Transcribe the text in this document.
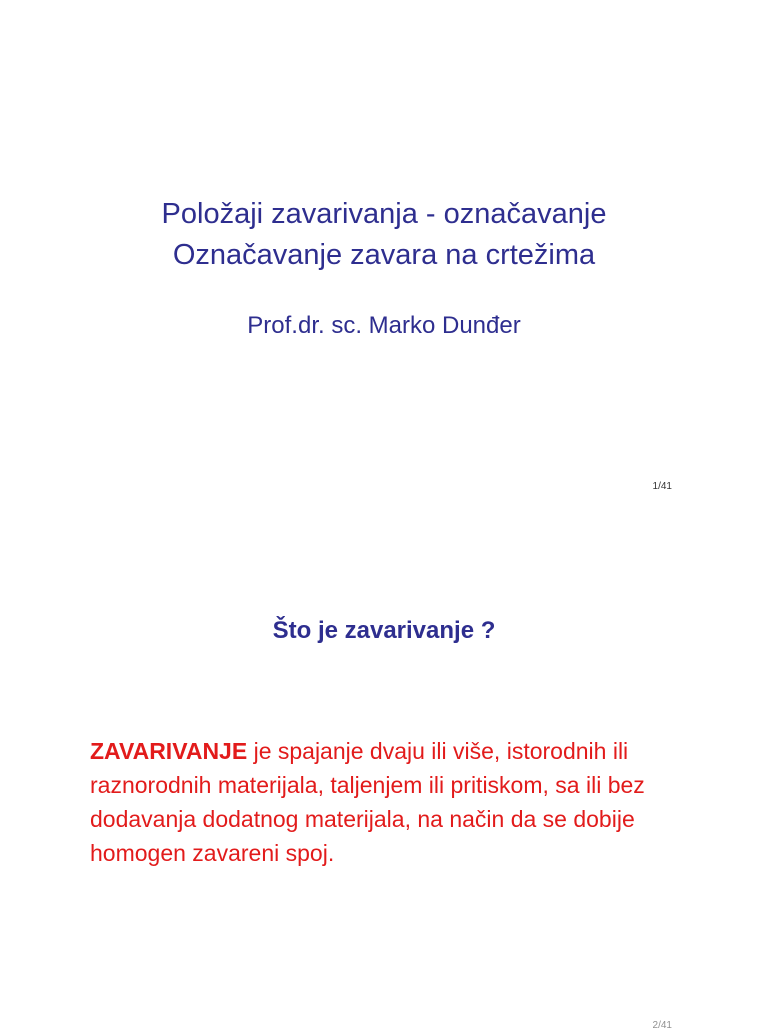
Položaji zavarivanja - označavanje
Označavanje zavara na crtežima
Prof.dr. sc. Marko Dunđer
1/41
Što je zavarivanje ?
ZAVARIVANJE je spajanje dvaju ili više, istorodnih ili raznorodnih materijala, taljenjem ili pritiskom, sa ili bez dodavanja dodatnog materijala, na način da se dobije homogen zavareni spoj.
2/41
